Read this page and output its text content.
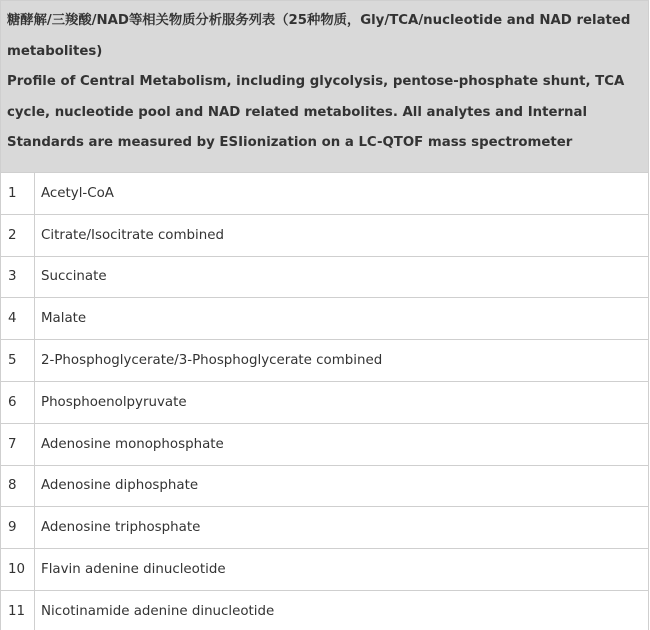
糖酵解/三羧酸/NAD等相关物质分析服务列表（25种物质，Gly/TCA/nucleotide and NAD related metabolites)
Profile of Central Metabolism, including glycolysis, pentose-phosphate shunt, TCA cycle, nucleotide pool and NAD related metabolites. All analytes and Internal Standards are measured by ESIionization on a LC-QTOF mass spectrometer	

1	Acetyl-CoA
2	Citrate/Isocitrate combined
3	Succinate
4	Malate
5	2-Phosphoglycerate/3-Phosphoglycerate combined
6	Phosphoenolpyruvate
7	Adenosine monophosphate
8	Adenosine diphosphate
9	Adenosine triphosphate
10	Flavin adenine dinucleotide
11	Nicotinamide adenine dinucleotide
